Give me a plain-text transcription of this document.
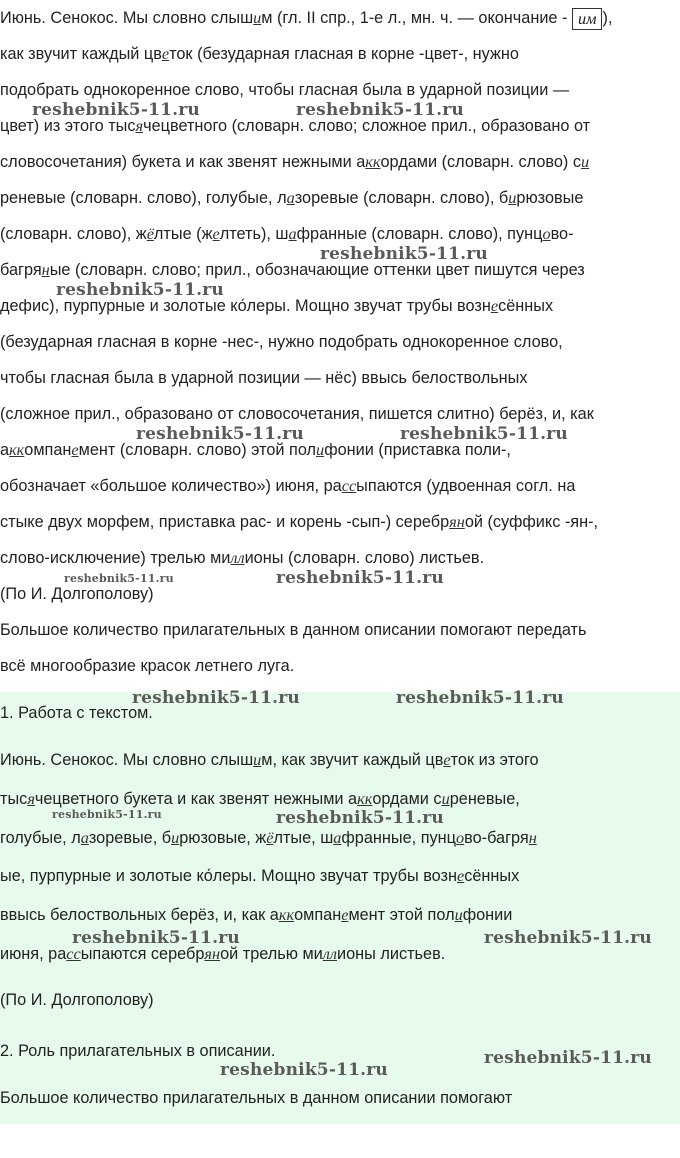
Июнь. Сенокос. Мы словно слышим (гл. II спр., 1-е л., мн. ч. — окончание - им ),
как звучит каждый цветок (безударная гласная в корне -цвет-, нужно
подобрать однокоренное слово, чтобы гласная была в ударной позиции —
цвет) из этого тысячецветного (словарн. слово; сложное прил., образовано от
словосочетания) букета и как звенят нежными аккордами (словарн. слово) си
реневые (словарн. слово), голубые, лазоревые (словарн. слово), бирюзовые
(словарн. слово), жёлтые (желтеть), шафранные (словарн. слово), пунцово-
багряные (словарн. слово; прил., обозначающие оттенки цвет пишутся через
дефис), пурпурные и золотые ко́леры. Мощно звучат трубы вознесённых
(безударная гласная в корне -нес-, нужно подобрать однокоренное слово,
чтобы гласная была в ударной позиции — нёс) ввысь белоствольных
(сложное прил., образовано от словосочетания, пишется слитно) берёз, и, как
аккомпанемент (словарн. слово) этой полифонии (приставка поли-,
обозначает «большое количество») июня, рассыпаются (удвоенная согл. на
стыке двух морфем, приставка рас- и корень -сып-) серебряной (суффикс -ян-,
слово-исключение) трелью миллионы (словарн. слово) листьев.
(По И. Долгополову)
Большое количество прилагательных в данном описании помогают передать
всё многообразие красок летнего луга.

1. Работа с текстом.

Июнь. Сенокос. Мы словно слышим, как звучит каждый цветок из этого

тысячецветного букета и как звенят нежными аккордами сиреневые,

голубые, лазоревые, бирюзовые, жёлтые, шафранные, пунцово-багрян

ые, пурпурные и золотые ко́леры. Мощно звучат трубы вознесённых

ввысь белоствольных берёз, и, как аккомпанемент этой полифонии

июня, рассыпаются серебряной трелью миллионы листьев.

(По И. Долгополову)

2. Роль прилагательных в описании.

Большое количество прилагательных в данном описании помогают

reshebnik5-11.ru	reshebnik5-11.ru
reshebnik5-11.ru
reshebnik5-11.ru
reshebnik5-11.ru	reshebnik5-11.ru
reshebnik5-11.ru	reshebnik5-11.ru
reshebnik5-11.ru	reshebnik5-11.ru
reshebnik5-11.ru	reshebnik5-11.ru
reshebnik5-11.ru	reshebnik5-11.ru
reshebnik5-11.ru
reshebnik5-11.ru
